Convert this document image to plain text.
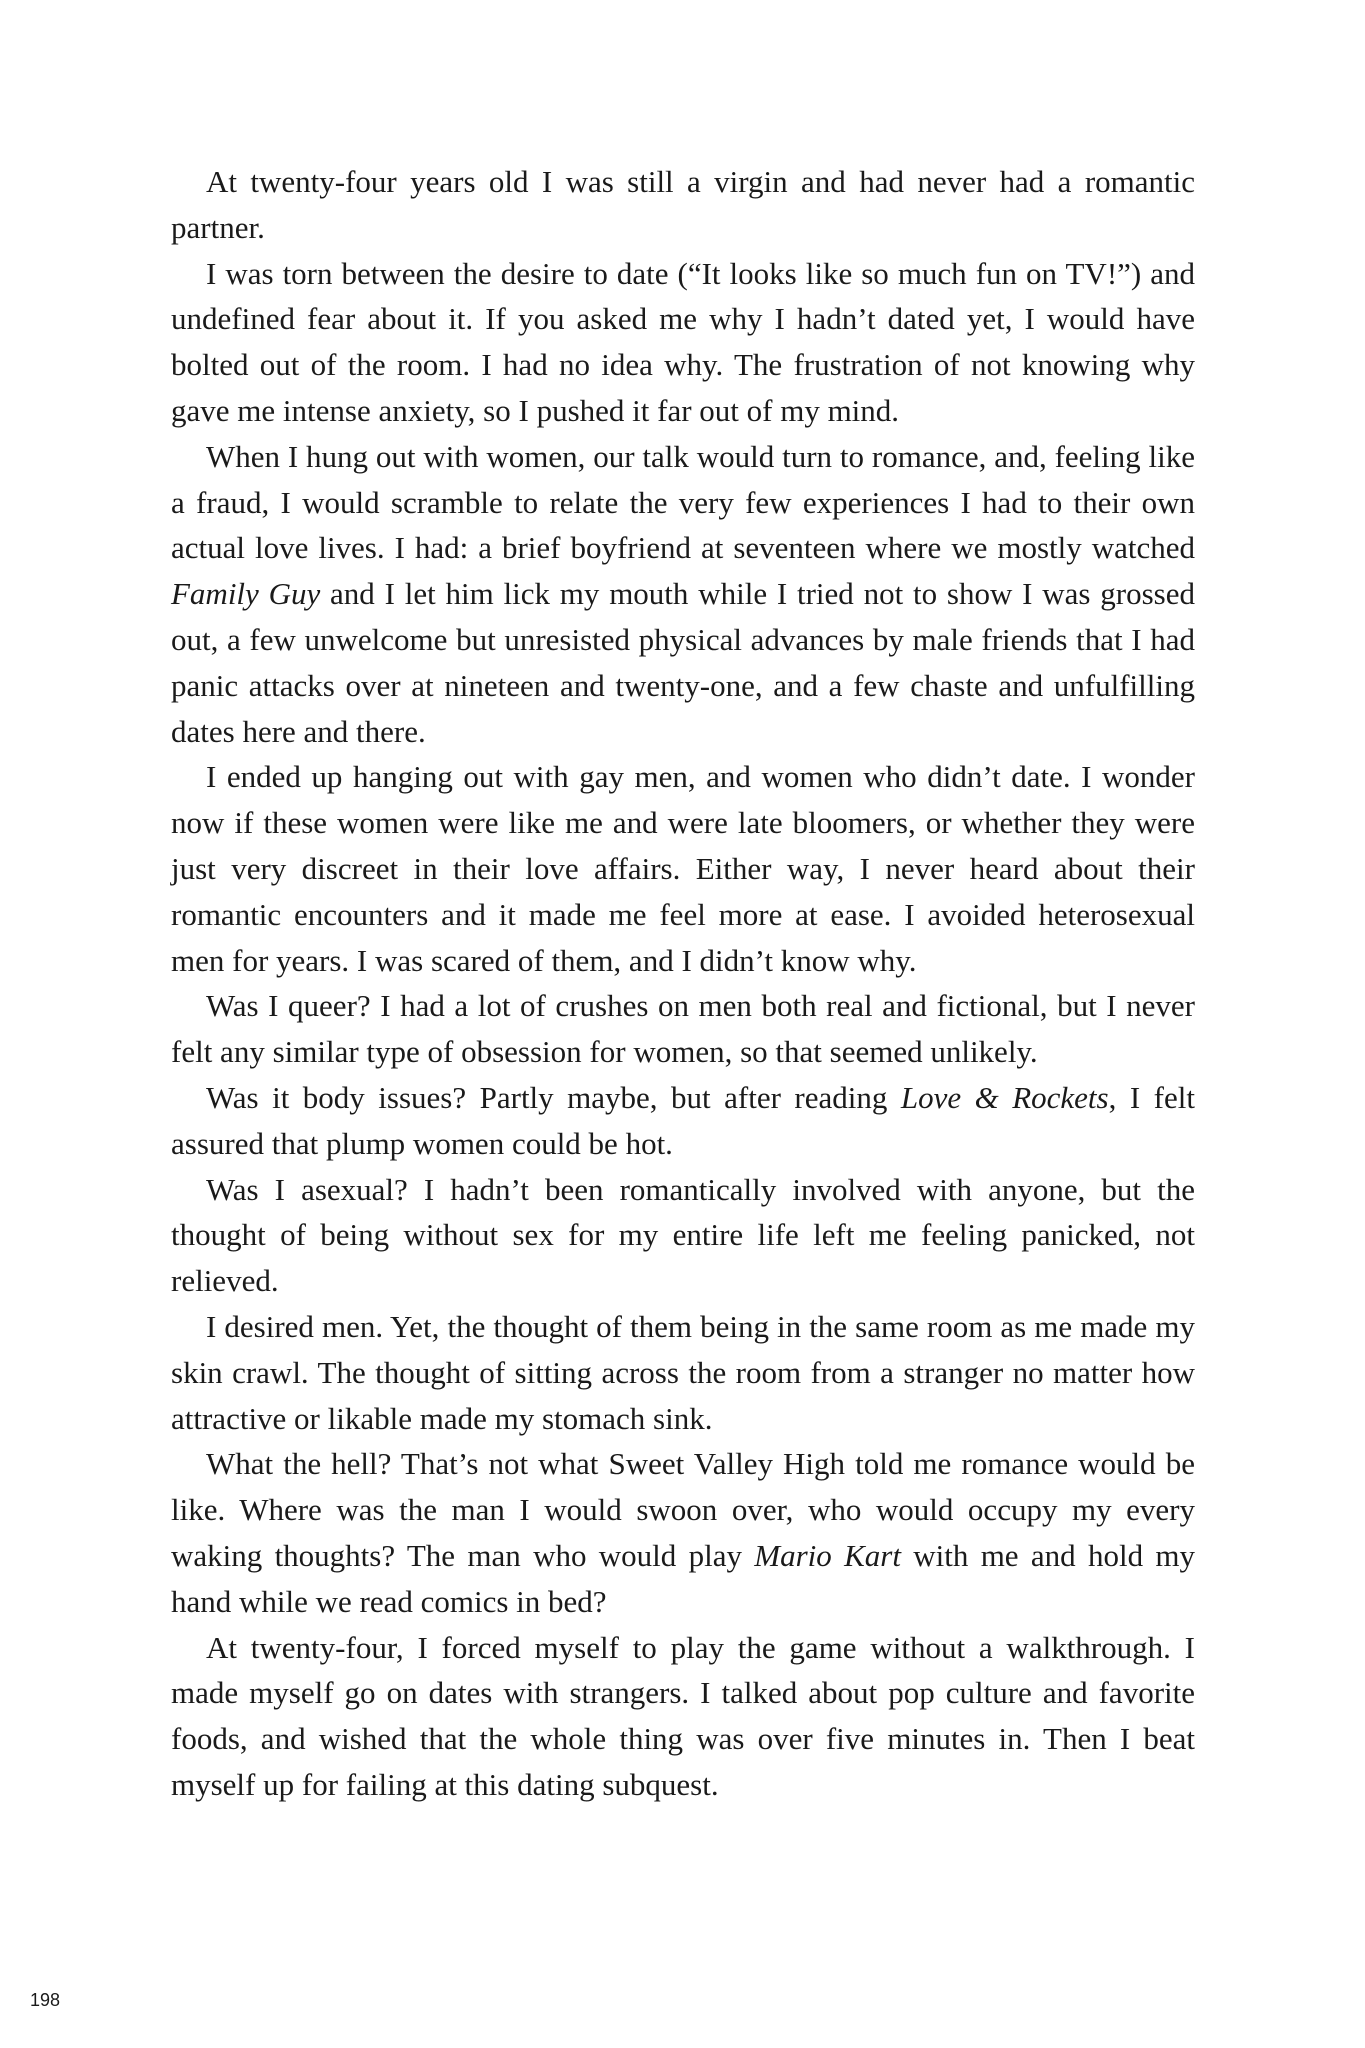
At twenty-four years old I was still a virgin and had never had a romantic partner.

I was torn between the desire to date (“It looks like so much fun on TV!”) and undefined fear about it. If you asked me why I hadn’t dated yet, I would have bolted out of the room. I had no idea why. The frustration of not knowing why gave me intense anxiety, so I pushed it far out of my mind.

When I hung out with women, our talk would turn to romance, and, feeling like a fraud, I would scramble to relate the very few experiences I had to their own actual love lives. I had: a brief boyfriend at seventeen where we mostly watched Family Guy and I let him lick my mouth while I tried not to show I was grossed out, a few unwelcome but unresisted physical advances by male friends that I had panic attacks over at nineteen and twenty-one, and a few chaste and unfulfilling dates here and there.

I ended up hanging out with gay men, and women who didn’t date. I wonder now if these women were like me and were late bloomers, or whether they were just very discreet in their love affairs. Either way, I never heard about their romantic encounters and it made me feel more at ease. I avoided heterosexual men for years. I was scared of them, and I didn’t know why.

Was I queer? I had a lot of crushes on men both real and fictional, but I never felt any similar type of obsession for women, so that seemed unlikely.

Was it body issues? Partly maybe, but after reading Love & Rockets, I felt assured that plump women could be hot.

Was I asexual? I hadn’t been romantically involved with anyone, but the thought of being without sex for my entire life left me feeling panicked, not relieved.

I desired men. Yet, the thought of them being in the same room as me made my skin crawl. The thought of sitting across the room from a stranger no matter how attractive or likable made my stomach sink.

What the hell? That’s not what Sweet Valley High told me romance would be like. Where was the man I would swoon over, who would occupy my every waking thoughts? The man who would play Mario Kart with me and hold my hand while we read comics in bed?

At twenty-four, I forced myself to play the game without a walkthrough. I made myself go on dates with strangers. I talked about pop culture and favorite foods, and wished that the whole thing was over five minutes in. Then I beat myself up for failing at this dating subquest.

198
